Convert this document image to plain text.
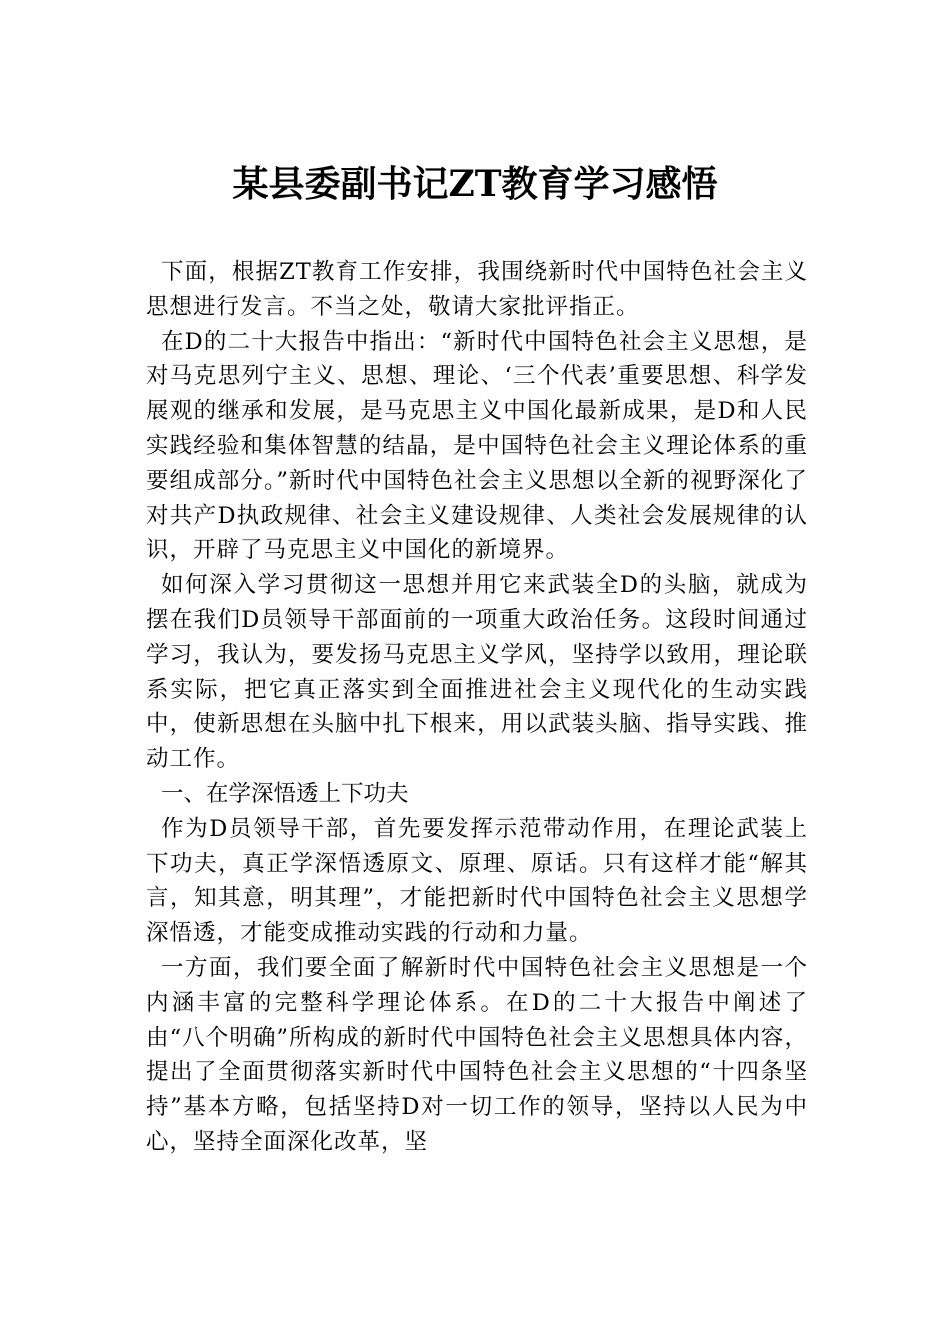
某县委副书记ZT教育学习感悟

下面，根据ZT教育工作安排，我围绕新时代中国特色社会主义思想进行发言。不当之处，敬请大家批评指正。

在D的二十大报告中指出：“新时代中国特色社会主义思想，是对马克思列宁主义、思想、理论、‘三个代表’重要思想、科学发展观的继承和发展，是马克思主义中国化最新成果，是D和人民实践经验和集体智慧的结晶，是中国特色社会主义理论体系的重要组成部分。”新时代中国特色社会主义思想以全新的视野深化了对共产D执政规律、社会主义建设规律、人类社会发展规律的认识，开辟了马克思主义中国化的新境界。

如何深入学习贯彻这一思想并用它来武装全D的头脑，就成为摆在我们D员领导干部面前的一项重大政治任务。这段时间通过学习，我认为，要发扬马克思主义学风，坚持学以致用，理论联系实际，把它真正落实到全面推进社会主义现代化的生动实践中，使新思想在头脑中扎下根来，用以武装头脑、指导实践、推动工作。

一、在学深悟透上下功夫

作为D员领导干部，首先要发挥示范带动作用，在理论武装上下功夫，真正学深悟透原文、原理、原话。只有这样才能“解其言，知其意，明其理”，才能把新时代中国特色社会主义思想学深悟透，才能变成推动实践的行动和力量。

一方面，我们要全面了解新时代中国特色社会主义思想是一个内涵丰富的完整科学理论体系。在D的二十大报告中阐述了由“八个明确”所构成的新时代中国特色社会主义思想具体内容，提出了全面贯彻落实新时代中国特色社会主义思想的“十四条坚持”基本方略，包括坚持D对一切工作的领导，坚持以人民为中心，坚持全面深化改革，坚
